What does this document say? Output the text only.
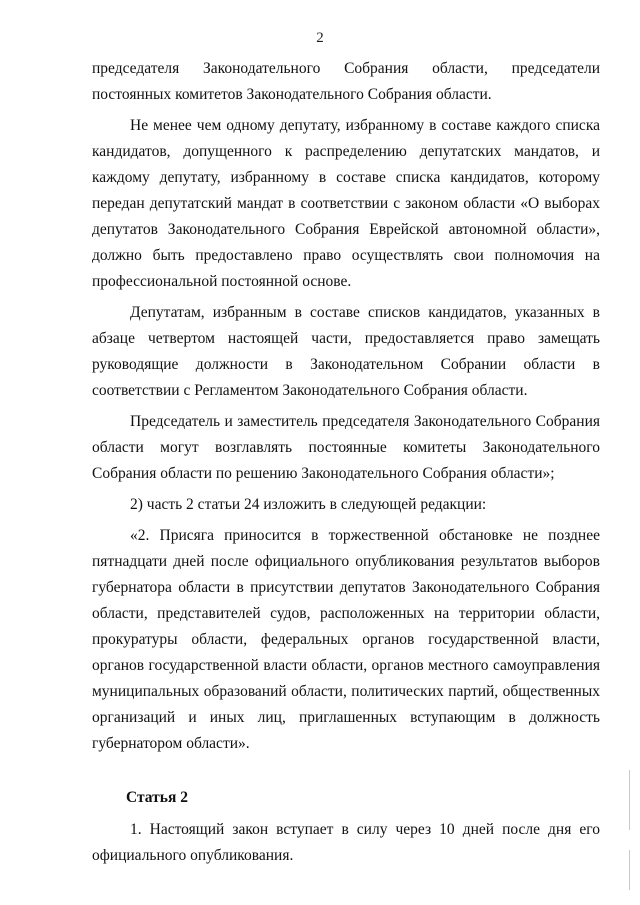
2

председателя Законодательного Собрания области, председатели постоянных комитетов Законодательного Собрания области.

Не менее чем одному депутату, избранному в составе каждого списка кандидатов, допущенного к распределению депутатских мандатов, и каждому депутату, избранному в составе списка кандидатов, которому передан депутатский мандат в соответствии с законом области «О выборах депутатов Законодательного Собрания Еврейской автономной области», должно быть предоставлено право осуществлять свои полномочия на профессиональной постоянной основе.

Депутатам, избранным в составе списков кандидатов, указанных в абзаце четвертом настоящей части, предоставляется право замещать руководящие должности в Законодательном Собрании области в соответствии с Регламентом Законодательного Собрания области.

Председатель и заместитель председателя Законодательного Собрания области могут возглавлять постоянные комитеты Законодательного Собрания области по решению Законодательного Собрания области»;

2) часть 2 статьи 24 изложить в следующей редакции:

«2. Присяга приносится в торжественной обстановке не позднее пятнадцати дней после официального опубликования результатов выборов губернатора области в присутствии депутатов Законодательного Собрания области, представителей судов, расположенных на территории области, прокуратуры области, федеральных органов государственной власти, органов государственной власти области, органов местного самоуправления муниципальных образований области, политических партий, общественных организаций и иных лиц, приглашенных вступающим в должность губернатором области».

Статья 2

1. Настоящий закон вступает в силу через 10 дней после дня его официального опубликования.
